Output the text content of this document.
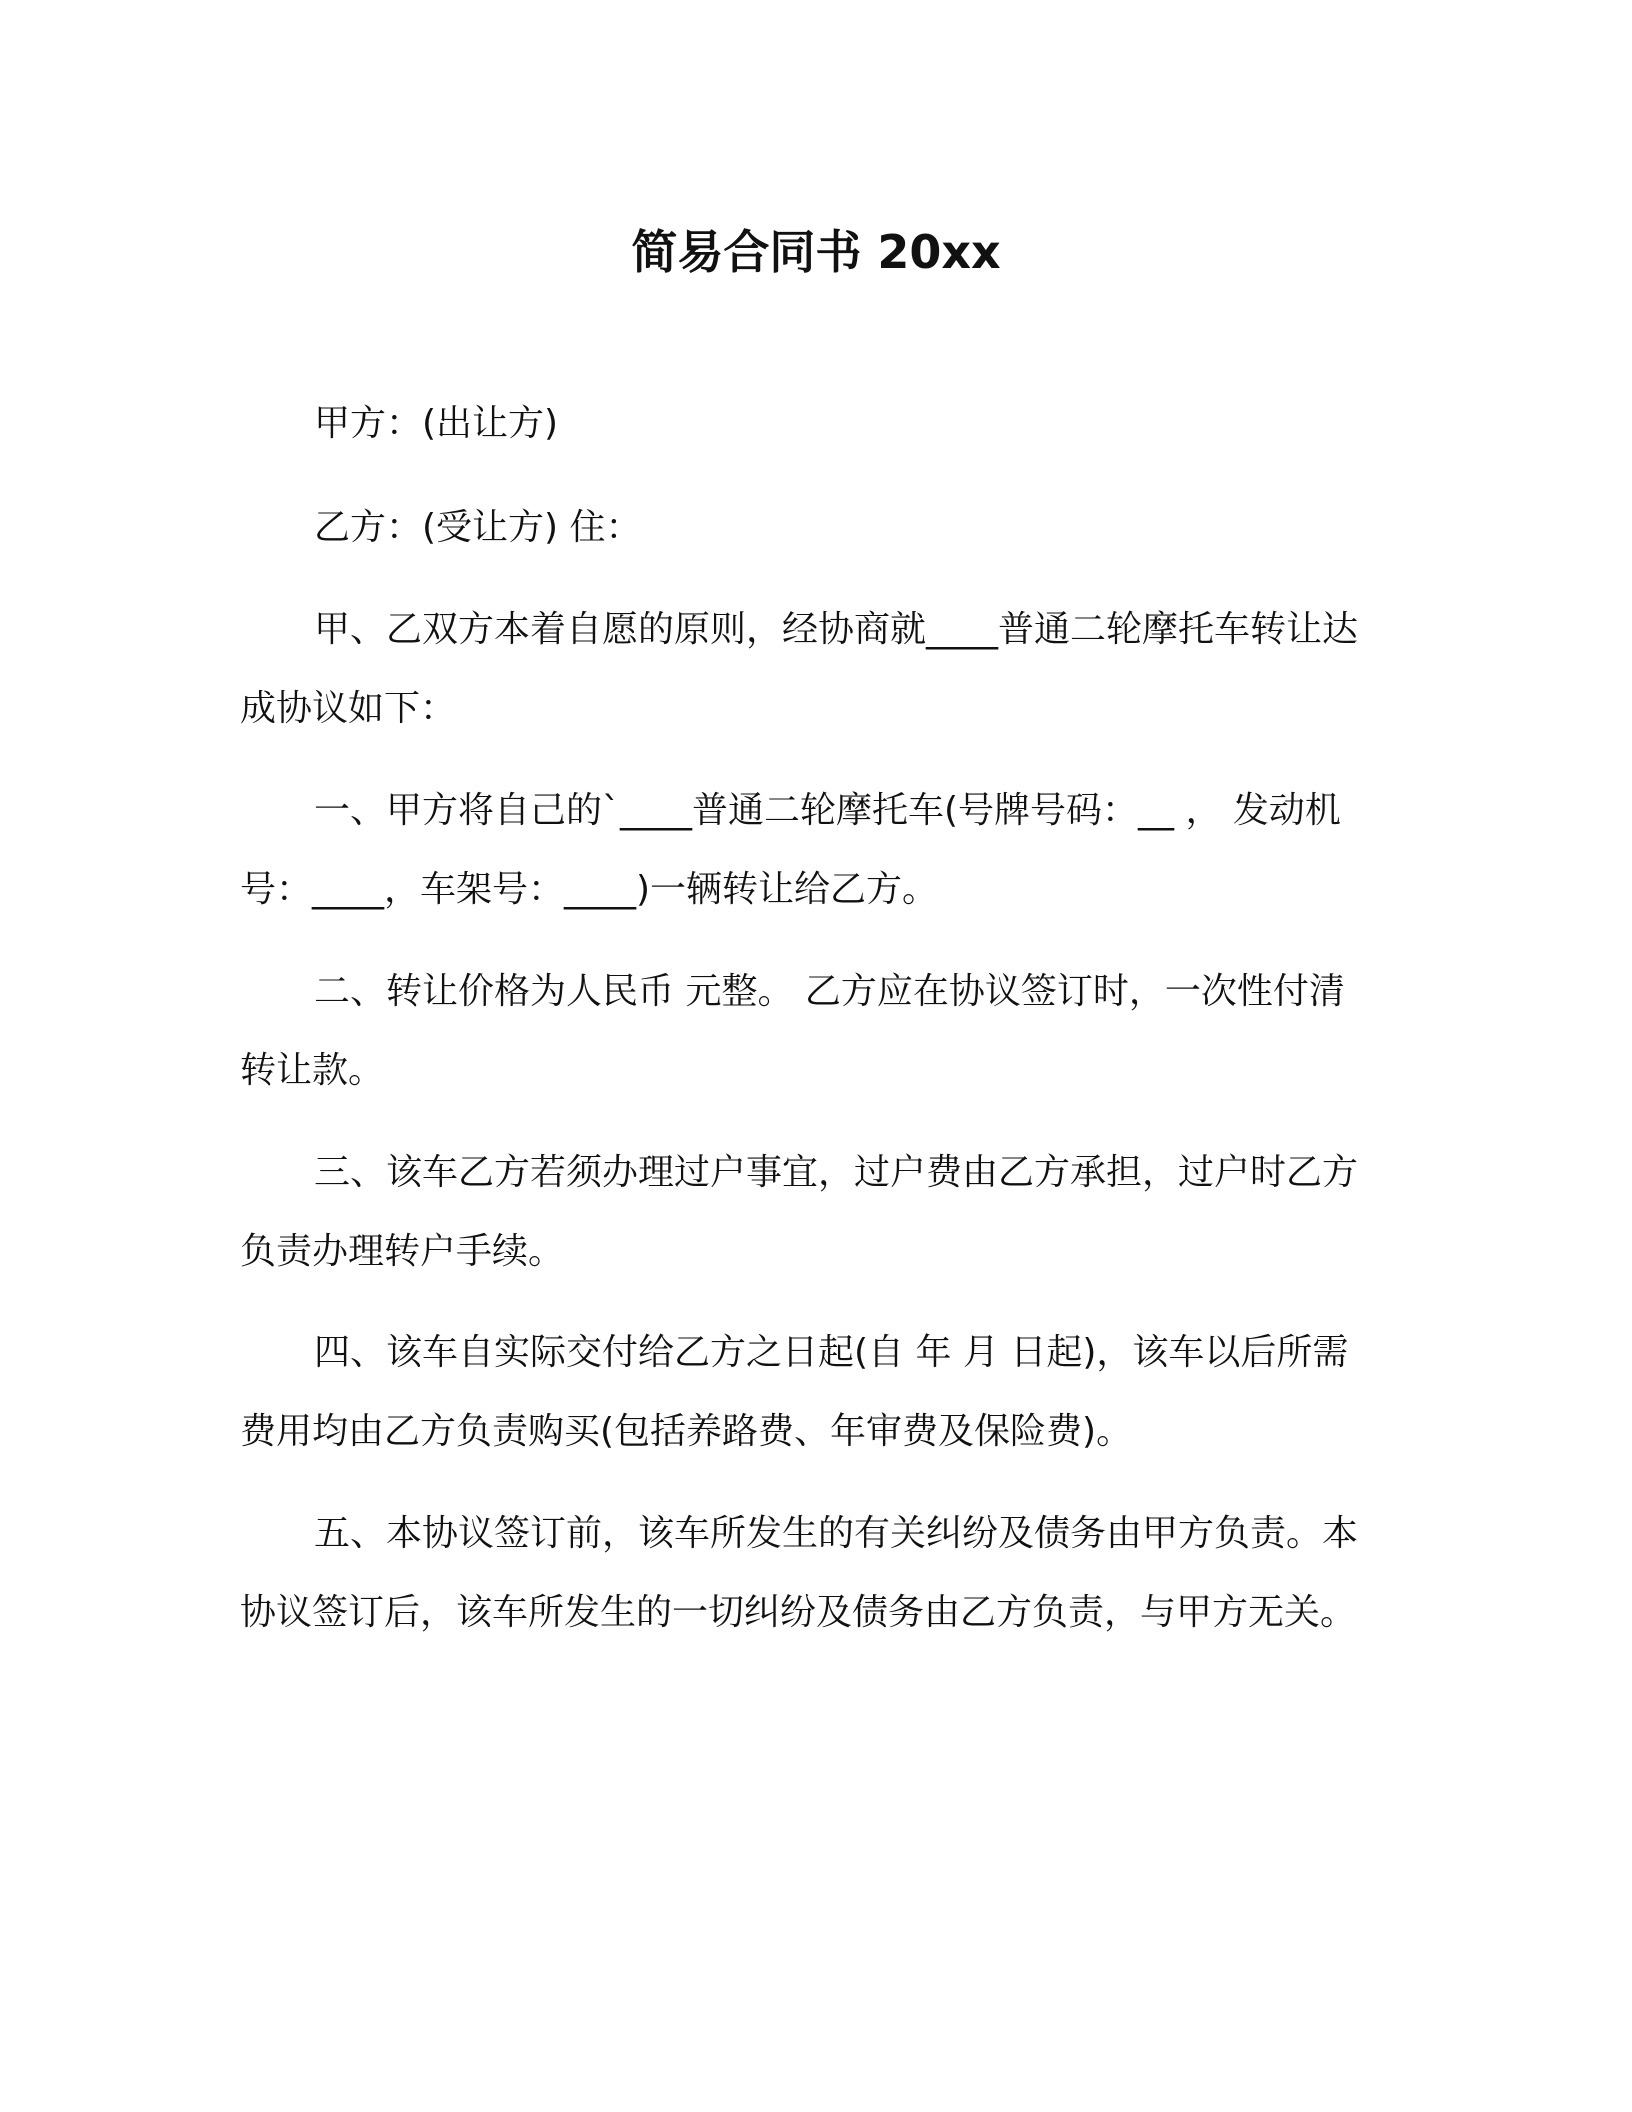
简易合同书 20xx

甲方：(出让方)

乙方：(受让方) 住：

甲、乙双方本着自愿的原则，经协商就____普通二轮摩托车转让达成协议如下：

一、甲方将自己的`____普通二轮摩托车(号牌号码：__ ， 发动机号：____，车架号：____)一辆转让给乙方。

二、转让价格为人民币 元整。 乙方应在协议签订时，一次性付清转让款。

三、该车乙方若须办理过户事宜，过户费由乙方承担，过户时乙方负责办理转户手续。

四、该车自实际交付给乙方之日起(自 年 月 日起)，该车以后所需费用均由乙方负责购买(包括养路费、年审费及保险费)。

五、本协议签订前，该车所发生的有关纠纷及债务由甲方负责。本协议签订后，该车所发生的一切纠纷及债务由乙方负责，与甲方无关。
